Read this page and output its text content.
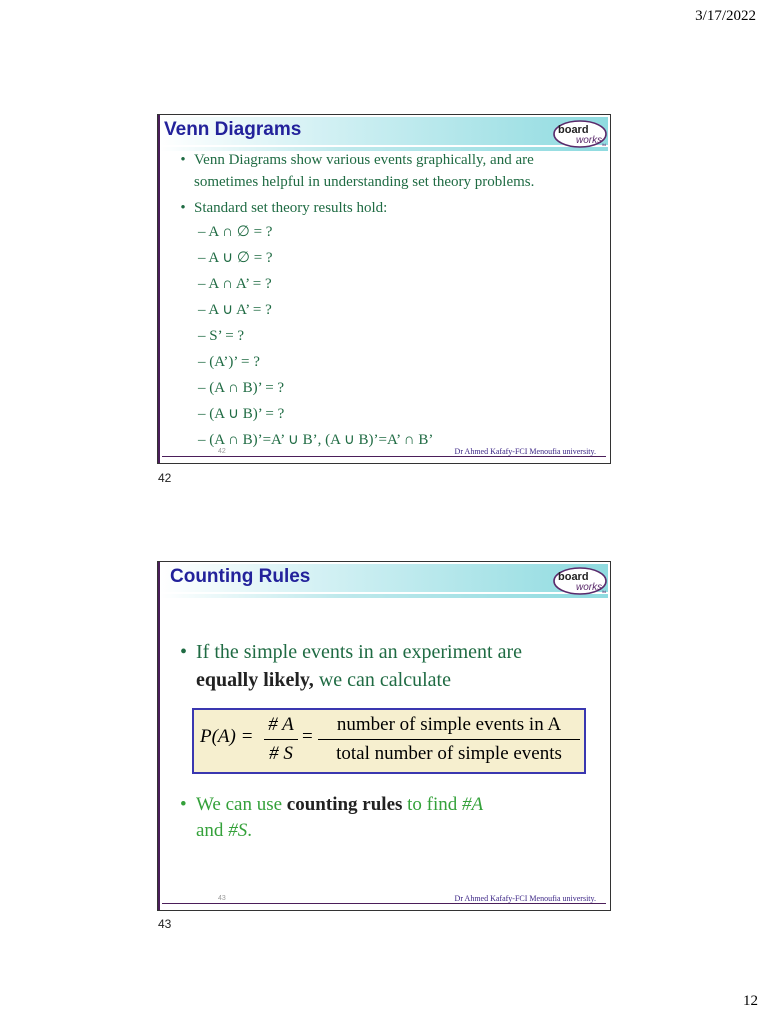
3/17/2022
Venn Diagrams	board
works ltd
• Venn Diagrams show various events graphically, and are sometimes helpful in understanding set theory problems.
• Standard set theory results hold:
– A ∩ ∅ = ?
– A ∪ ∅ = ?
– A ∩ A’ = ?
– A ∪ A’ = ?
– S’ = ?
– (A’)’ = ?
– (A ∩ B)’ = ?
– (A ∪ B)’ = ?
– (A ∩ B)’=A’ ∪ B’, (A ∪ B)’=A’ ∩ B’
42	Dr Ahmed Kafafy-FCI Menoufia university.
42
Counting Rules	board
works ltd
• If the simple events in an experiment are
equally likely, we can calculate
P(A) =
# A
# S
=
number of simple events in A
total number of simple events
• We can use counting rules to find #A
and #S.
43	Dr Ahmed Kafafy-FCI Menoufia university.
43
12
